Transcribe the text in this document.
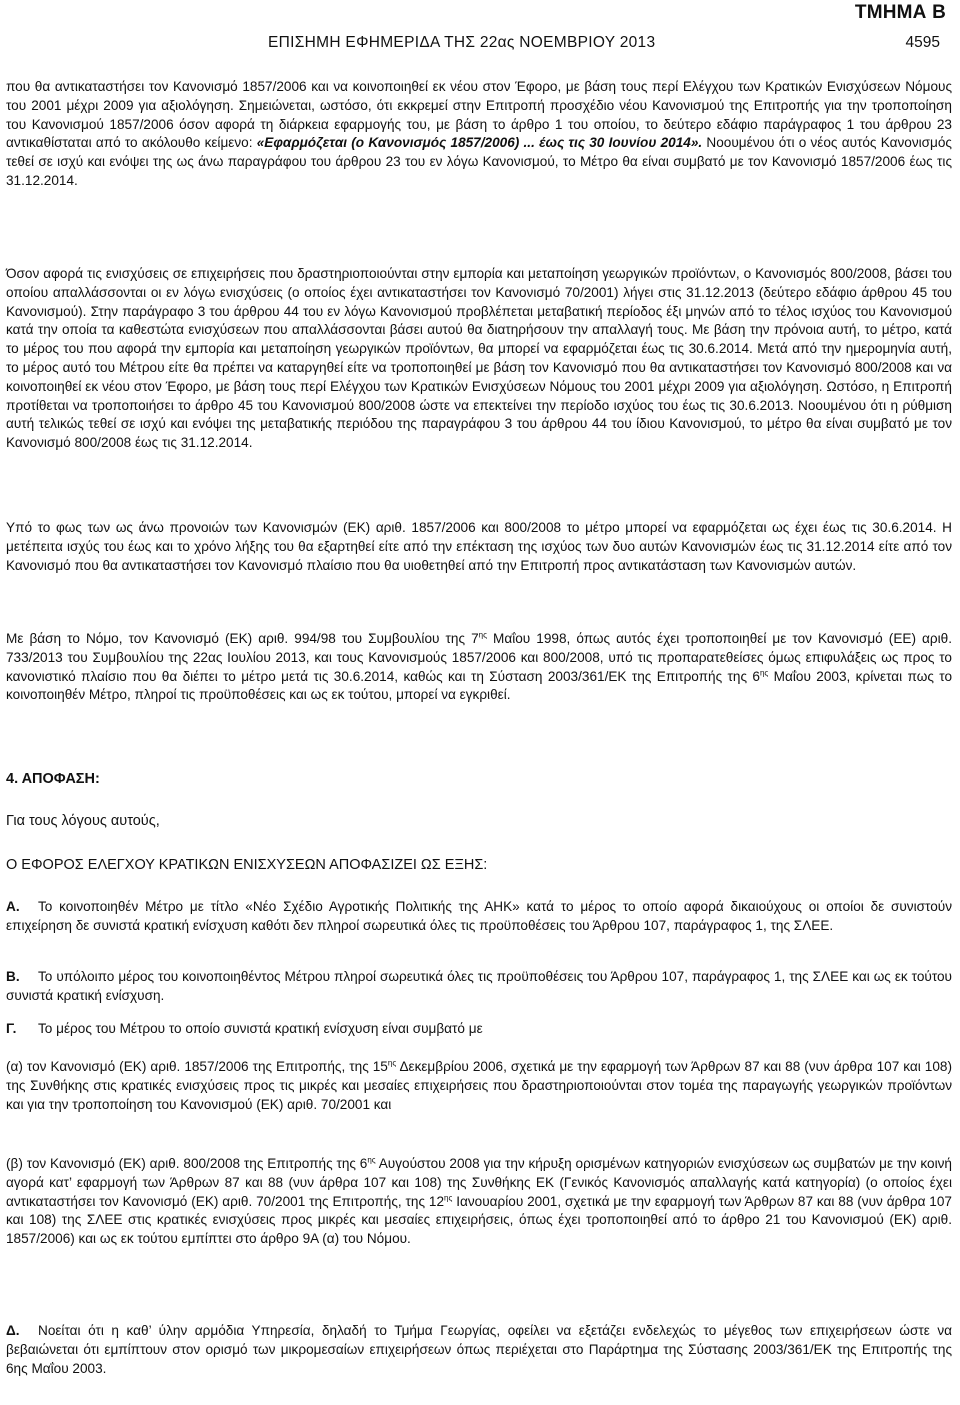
ΤΜΗΜΑ Β
ΕΠΙΣΗΜΗ ΕΦΗΜΕΡΙΔΑ ΤΗΣ 22ας ΝΟΕΜΒΡΙΟΥ 2013	4595
που θα αντικαταστήσει τον Κανονισμό 1857/2006 και να κοινοποιηθεί εκ νέου στον Έφορο, με βάση τους περί Ελέγχου των Κρατικών Ενισχύσεων Νόμους του 2001 μέχρι 2009 για αξιολόγηση. Σημειώνεται, ωστόσο, ότι εκκρεμεί στην Επιτροπή προσχέδιο νέου Κανονισμού της Επιτροπής για την τροποποίηση του Κανονισμού 1857/2006 όσον αφορά τη διάρκεια εφαρμογής του, με βάση το άρθρο 1 του οποίου, το δεύτερο εδάφιο παράγραφος 1 του άρθρου 23 αντικαθίσταται από το ακόλουθο κείμενο: «Εφαρμόζεται (ο Κανονισμός 1857/2006) ... έως τις 30 Ιουνίου 2014». Νοουμένου ότι ο νέος αυτός Κανονισμός τεθεί σε ισχύ και ενόψει της ως άνω παραγράφου του άρθρου 23 του εν λόγω Κανονισμού, το Μέτρο θα είναι συμβατό με τον Κανονισμό 1857/2006 έως τις 31.12.2014.
Όσον αφορά τις ενισχύσεις σε επιχειρήσεις που δραστηριοποιούνται στην εμπορία και μεταποίηση γεωργικών προϊόντων, ο Κανονισμός 800/2008, βάσει του οποίου απαλλάσσονται οι εν λόγω ενισχύσεις (ο οποίος έχει αντικαταστήσει τον Κανονισμό 70/2001) λήγει στις 31.12.2013 (δεύτερο εδάφιο άρθρου 45 του Κανονισμού). Στην παράγραφο 3 του άρθρου 44 του εν λόγω Κανονισμού προβλέπεται μεταβατική περίοδος έξι μηνών από το τέλος ισχύος του Κανονισμού κατά την οποία τα καθεστώτα ενισχύσεων που απαλλάσσονται βάσει αυτού θα διατηρήσουν την απαλλαγή τους. Με βάση την πρόνοια αυτή, το μέτρο, κατά το μέρος του που αφορά την εμπορία και μεταποίηση γεωργικών προϊόντων, θα μπορεί να εφαρμόζεται έως τις 30.6.2014. Μετά από την ημερομηνία αυτή, το μέρος αυτό του Μέτρου είτε θα πρέπει να καταργηθεί είτε να τροποποιηθεί με βάση τον Κανονισμό που θα αντικαταστήσει τον Κανονισμό 800/2008 και να κοινοποιηθεί εκ νέου στον Έφορο, με βάση τους περί Ελέγχου των Κρατικών Ενισχύσεων Νόμους του 2001 μέχρι 2009 για αξιολόγηση. Ωστόσο, η Επιτροπή προτίθεται να τροποποιήσει το άρθρο 45 του Κανονισμού 800/2008 ώστε να επεκτείνει την περίοδο ισχύος του έως τις 30.6.2013. Νοουμένου ότι η ρύθμιση αυτή τελικώς τεθεί σε ισχύ και ενόψει της μεταβατικής περιόδου της παραγράφου 3 του άρθρου 44 του ίδιου Κανονισμού, το μέτρο θα είναι συμβατό με τον Κανονισμό 800/2008 έως τις 31.12.2014.
Υπό το φως των ως άνω προνοιών των Κανονισμών (ΕΚ) αριθ. 1857/2006 και 800/2008 το μέτρο μπορεί να εφαρμόζεται ως έχει έως τις 30.6.2014. Η μετέπειτα ισχύς του έως και το χρόνο λήξης του θα εξαρτηθεί είτε από την επέκταση της ισχύος των δυο αυτών Κανονισμών έως τις 31.12.2014 είτε από τον Κανονισμό που θα αντικαταστήσει τον Κανονισμό πλαίσιο που θα υιοθετηθεί από την Επιτροπή προς αντικατάσταση των Κανονισμών αυτών.
Με βάση το Νόμο, τον Κανονισμό (ΕΚ) αριθ. 994/98 του Συμβουλίου της $7^{\eta\varsigma}$ Μαΐου 1998, όπως αυτός έχει τροποποιηθεί με τον Κανονισμό (ΕΕ) αριθ. 733/2013 του Συμβουλίου της 22ας Ιουλίου 2013, και τους Κανονισμούς 1857/2006 και 800/2008, υπό τις προπαρατεθείσες όμως επιφυλάξεις ως προς το κανονιστικό πλαίσιο που θα διέπει το μέτρο μετά τις 30.6.2014, καθώς και τη Σύσταση 2003/361/ΕΚ της Επιτροπής της $6^{\eta\varsigma}$ Μαΐου 2003, κρίνεται πως το κοινοποιηθέν Μέτρο, πληροί τις προϋποθέσεις και ως εκ τούτου, μπορεί να εγκριθεί.
4. ΑΠΟΦΑΣΗ:
Για τους λόγους αυτούς,
Ο ΕΦΟΡΟΣ ΕΛΕΓΧΟΥ ΚΡΑΤΙΚΩΝ ΕΝΙΣΧΥΣΕΩΝ ΑΠΟΦΑΣΙΖΕΙ ΩΣ ΕΞΗΣ:
Α. Το κοινοποιηθέν Μέτρο με τίτλο «Νέο Σχέδιο Αγροτικής Πολιτικής της ΑΗΚ» κατά το μέρος το οποίο αφορά δικαιούχους οι οποίοι δε συνιστούν επιχείρηση δε συνιστά κρατική ενίσχυση καθότι δεν πληροί σωρευτικά όλες τις προϋποθέσεις του Άρθρου 107, παράγραφος 1, της ΣΛΕΕ.
Β. Το υπόλοιπο μέρος του κοινοποιηθέντος Μέτρου πληροί σωρευτικά όλες τις προϋποθέσεις του Άρθρου 107, παράγραφος 1, της ΣΛΕΕ και ως εκ τούτου συνιστά κρατική ενίσχυση.
Γ. Το μέρος του Μέτρου το οποίο συνιστά κρατική ενίσχυση είναι συμβατό με
(α) τον Κανονισμό (ΕΚ) αριθ. 1857/2006 της Επιτροπής, της $15^{\eta\varsigma}$ Δεκεμβρίου 2006, σχετικά με την εφαρμογή των Άρθρων 87 και 88 (νυν άρθρα 107 και 108) της Συνθήκης στις κρατικές ενισχύσεις προς τις μικρές και μεσαίες επιχειρήσεις που δραστηριοποιούνται στον τομέα της παραγωγής γεωργικών προϊόντων και για την τροποποίηση του Κανονισμού (ΕΚ) αριθ. 70/2001 και
(β) τον Κανονισμό (ΕΚ) αριθ. 800/2008 της Επιτροπής της $6^{\eta\varsigma}$ Αυγούστου 2008 για την κήρυξη ορισμένων κατηγοριών ενισχύσεων ως συμβατών με την κοινή αγορά κατ’ εφαρμογή των Άρθρων 87 και 88 (νυν άρθρα 107 και 108) της Συνθήκης ΕΚ (Γενικός Κανονισμός απαλλαγής κατά κατηγορία) (ο οποίος έχει αντικαταστήσει τον Κανονισμό (ΕΚ) αριθ. 70/2001 της Επιτροπής, της $12^{\eta\varsigma}$ Ιανουαρίου 2001, σχετικά με την εφαρμογή των Άρθρων 87 και 88 (νυν άρθρα 107 και 108) της ΣΛΕΕ στις κρατικές ενισχύσεις προς μικρές και μεσαίες επιχειρήσεις, όπως έχει τροποποιηθεί από το άρθρο 21 του Κανονισμού (ΕΚ) αριθ. 1857/2006) και ως εκ τούτου εμπίπτει στο άρθρο 9Α (α) του Νόμου.
Δ. Νοείται ότι η καθ’ ύλην αρμόδια Υπηρεσία, δηλαδή το Τμήμα Γεωργίας, οφείλει να εξετάζει ενδελεχώς το μέγεθος των επιχειρήσεων ώστε να βεβαιώνεται ότι εμπίπτουν στον ορισμό των μικρομεσαίων επιχειρήσεων όπως περιέχεται στο Παράρτημα της Σύστασης 2003/361/ΕΚ της Επιτροπής της 6ης Μαΐου 2003.
